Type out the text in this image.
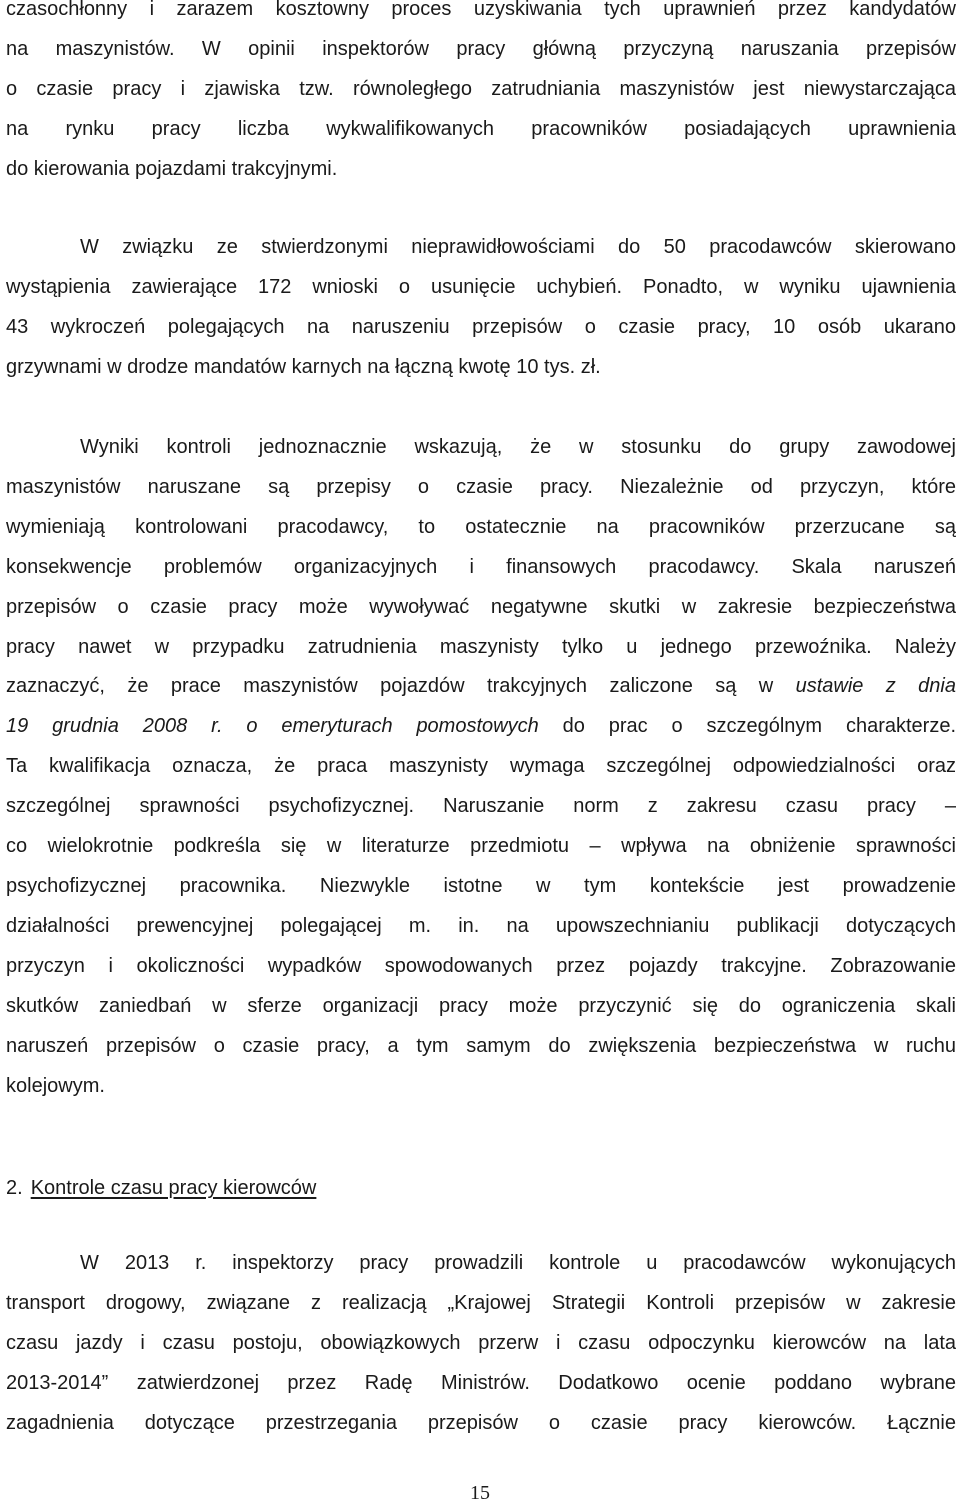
czasochłonny i zarazem kosztowny proces uzyskiwania tych uprawnień przez kandydatów
na maszynistów. W opinii inspektorów pracy główną przyczyną naruszania przepisów
o czasie pracy i zjawiska tzw. równoległego zatrudniania maszynistów jest niewystarczająca
na rynku pracy liczba wykwalifikowanych pracowników posiadających uprawnienia
do kierowania pojazdami trakcyjnymi.
W związku ze stwierdzonymi nieprawidłowościami do 50 pracodawców skierowano
wystąpienia zawierające 172 wnioski o usunięcie uchybień. Ponadto, w wyniku ujawnienia
43 wykroczeń polegających na naruszeniu przepisów o czasie pracy, 10 osób ukarano
grzywnami w drodze mandatów karnych na łączną kwotę 10 tys. zł.
Wyniki kontroli jednoznacznie wskazują, że w stosunku do grupy zawodowej
maszynistów naruszane są przepisy o czasie pracy. Niezależnie od przyczyn, które
wymieniają kontrolowani pracodawcy, to ostatecznie na pracowników przerzucane są
konsekwencje problemów organizacyjnych i finansowych pracodawcy. Skala naruszeń
przepisów o czasie pracy może wywoływać negatywne skutki w zakresie bezpieczeństwa
pracy nawet w przypadku zatrudnienia maszynisty tylko u jednego przewoźnika. Należy
zaznaczyć, że prace maszynistów pojazdów trakcyjnych zaliczone są w ustawie z dnia
19 grudnia 2008 r. o emeryturach pomostowych do prac o szczególnym charakterze.
Ta kwalifikacja oznacza, że praca maszynisty wymaga szczególnej odpowiedzialności oraz
szczególnej sprawności psychofizycznej. Naruszanie norm z zakresu czasu pracy –
co wielokrotnie podkreśla się w literaturze przedmiotu – wpływa na obniżenie sprawności
psychofizycznej pracownika. Niezwykle istotne w tym kontekście jest prowadzenie
działalności prewencyjnej polegającej m. in. na upowszechnianiu publikacji dotyczących
przyczyn i okoliczności wypadków spowodowanych przez pojazdy trakcyjne. Zobrazowanie
skutków zaniedbań w sferze organizacji pracy może przyczynić się do ograniczenia skali
naruszeń przepisów o czasie pracy, a tym samym do zwiększenia bezpieczeństwa w ruchu
kolejowym.
2. Kontrole czasu pracy kierowców
W 2013 r. inspektorzy pracy prowadzili kontrole u pracodawców wykonujących
transport drogowy, związane z realizacją „Krajowej Strategii Kontroli przepisów w zakresie
czasu jazdy i czasu postoju, obowiązkowych przerw i czasu odpoczynku kierowców na lata
2013-2014” zatwierdzonej przez Radę Ministrów. Dodatkowo ocenie poddano wybrane
zagadnienia dotyczące przestrzegania przepisów o czasie pracy kierowców. Łącznie
15
